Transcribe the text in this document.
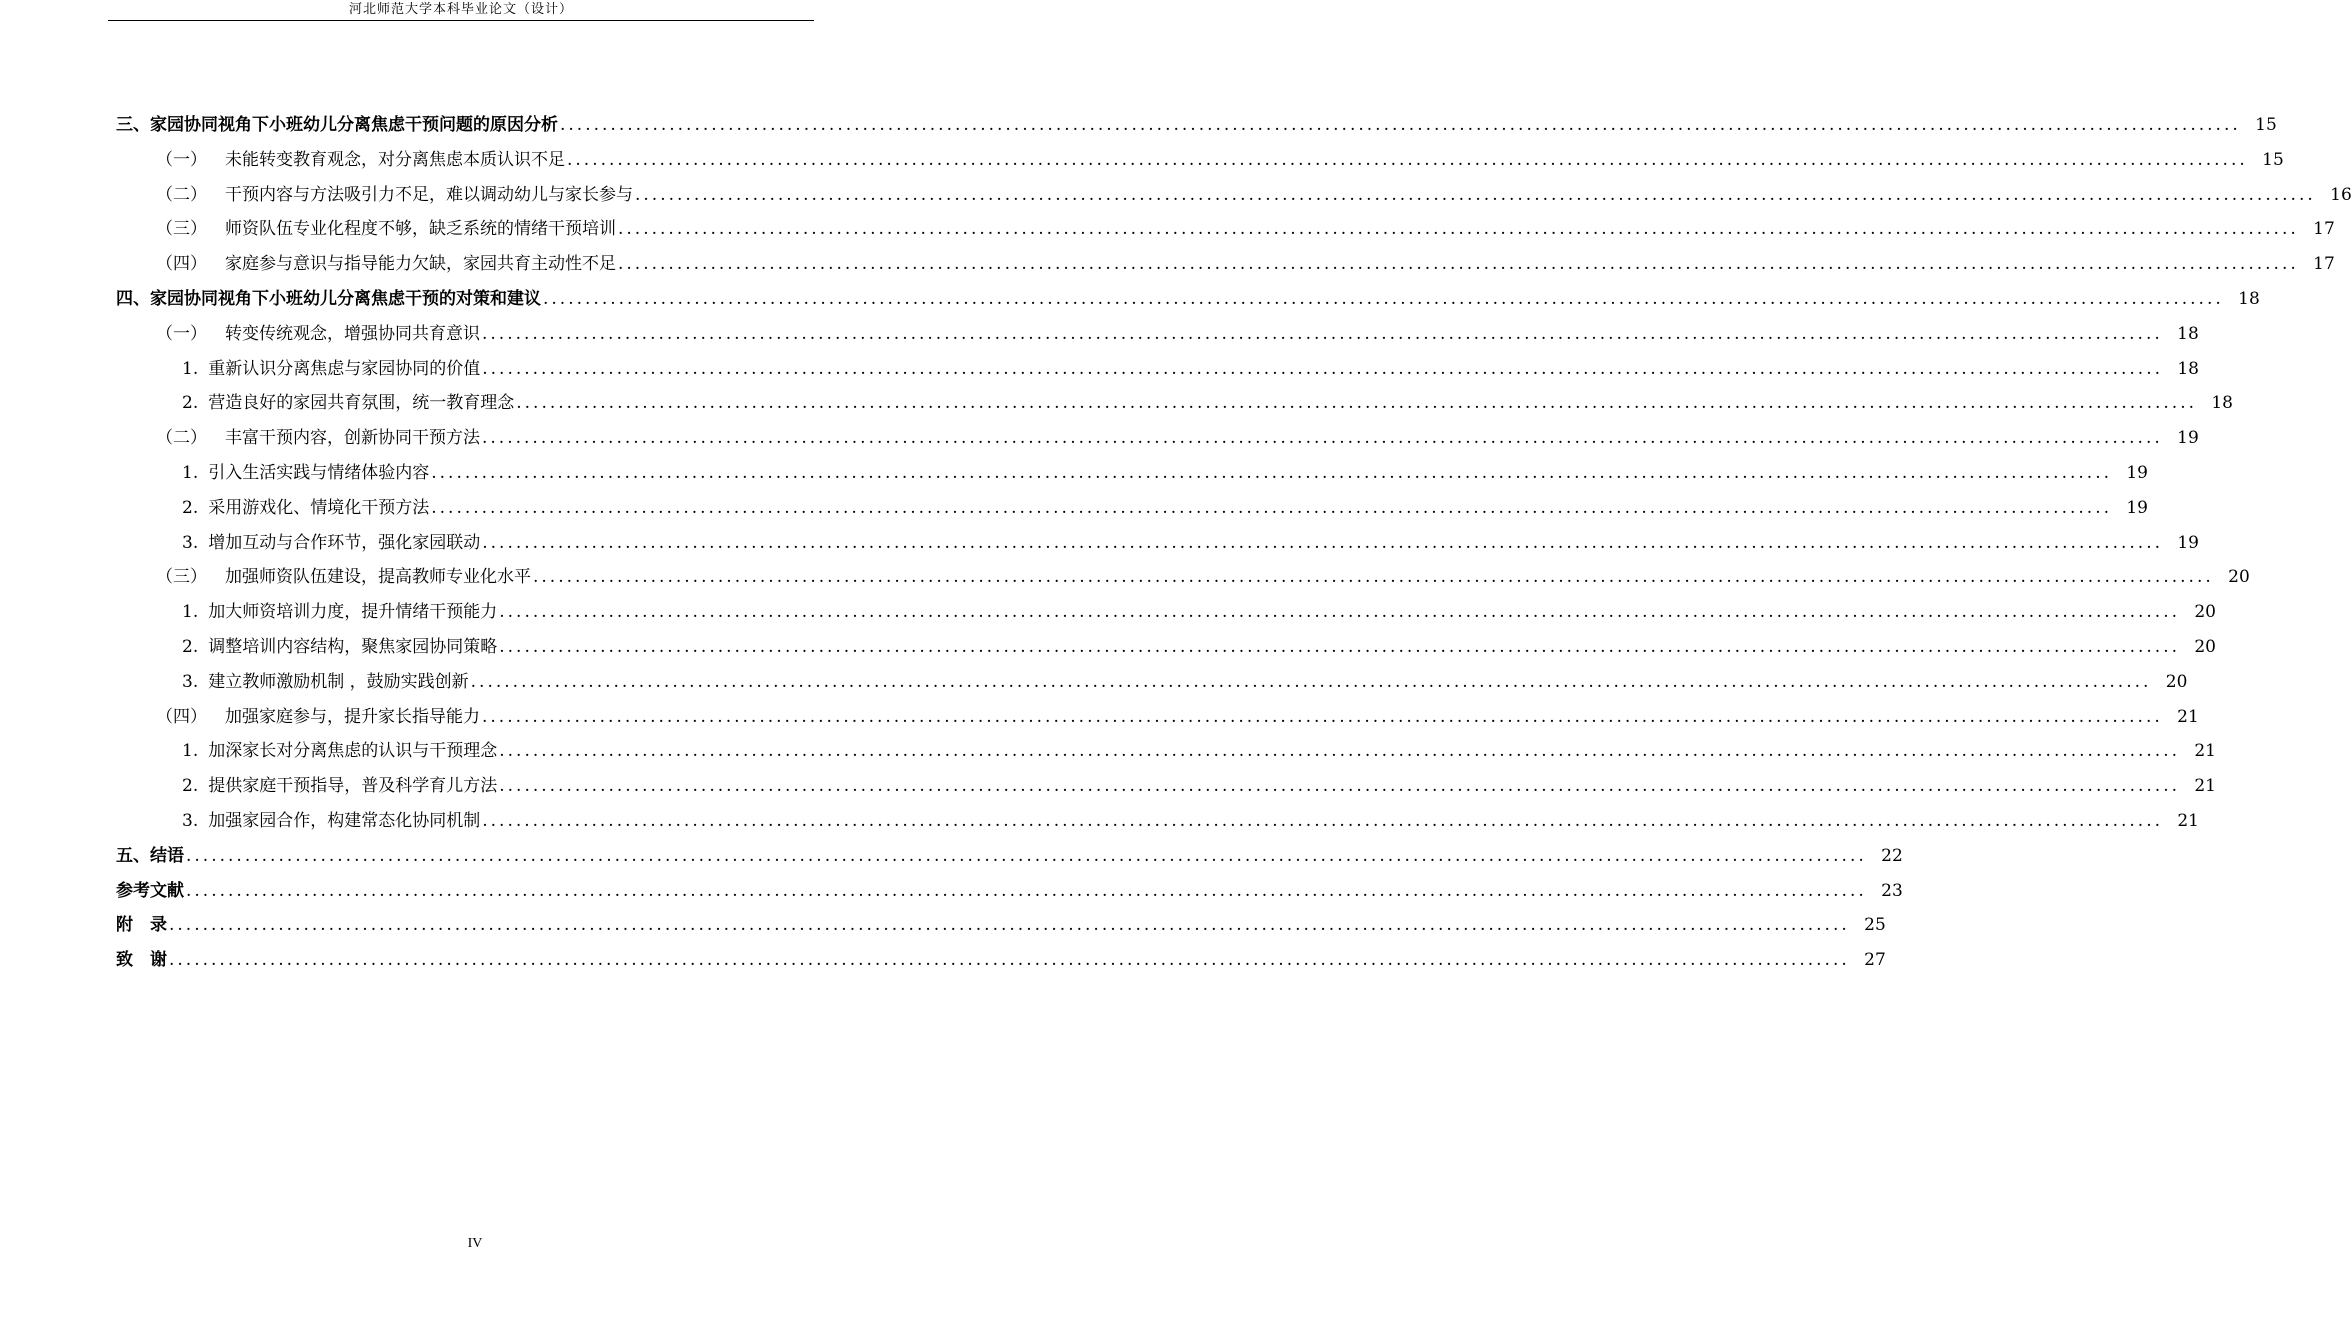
河北师范大学本科毕业论文（设计）
三、家园协同视角下小班幼儿分离焦虑干预问题的原因分析 ........................................................................................................................................................................................................ 15
（一） 未能转变教育观念，对分离焦虑本质认识不足 ........................................................................................................................................................................................................ 15
（二） 干预内容与方法吸引力不足，难以调动幼儿与家长参与 ........................................................................................................................................................................................................ 16
（三） 师资队伍专业化程度不够，缺乏系统的情绪干预培训 ........................................................................................................................................................................................................ 17
（四） 家庭参与意识与指导能力欠缺，家园共育主动性不足 ........................................................................................................................................................................................................ 17
四、家园协同视角下小班幼儿分离焦虑干预的对策和建议 ........................................................................................................................................................................................................ 18
（一） 转变传统观念，增强协同共育意识 ........................................................................................................................................................................................................ 18
1. 重新认识分离焦虑与家园协同的价值 ........................................................................................................................................................................................................ 18
2. 营造良好的家园共育氛围，统一教育理念 ........................................................................................................................................................................................................ 18
（二） 丰富干预内容，创新协同干预方法 ........................................................................................................................................................................................................ 19
1. 引入生活实践与情绪体验内容 ........................................................................................................................................................................................................ 19
2. 采用游戏化、情境化干预方法 ........................................................................................................................................................................................................ 19
3. 增加互动与合作环节，强化家园联动 ........................................................................................................................................................................................................ 19
（三） 加强师资队伍建设，提高教师专业化水平 ........................................................................................................................................................................................................ 20
1. 加大师资培训力度，提升情绪干预能力 ........................................................................................................................................................................................................ 20
2. 调整培训内容结构，聚焦家园协同策略 ........................................................................................................................................................................................................ 20
3. 建立教师激励机制 ，鼓励实践创新 ........................................................................................................................................................................................................ 20
（四） 加强家庭参与，提升家长指导能力 ........................................................................................................................................................................................................ 21
1. 加深家长对分离焦虑的认识与干预理念 ........................................................................................................................................................................................................ 21
2. 提供家庭干预指导，普及科学育儿方法 ........................................................................................................................................................................................................ 21
3. 加强家园合作，构建常态化协同机制 ........................................................................................................................................................................................................ 21
五、结语 ........................................................................................................................................................................................................ 22
参考文献 ........................................................................................................................................................................................................ 23
附　录 ........................................................................................................................................................................................................ 25
致　谢 ........................................................................................................................................................................................................ 27
IV
